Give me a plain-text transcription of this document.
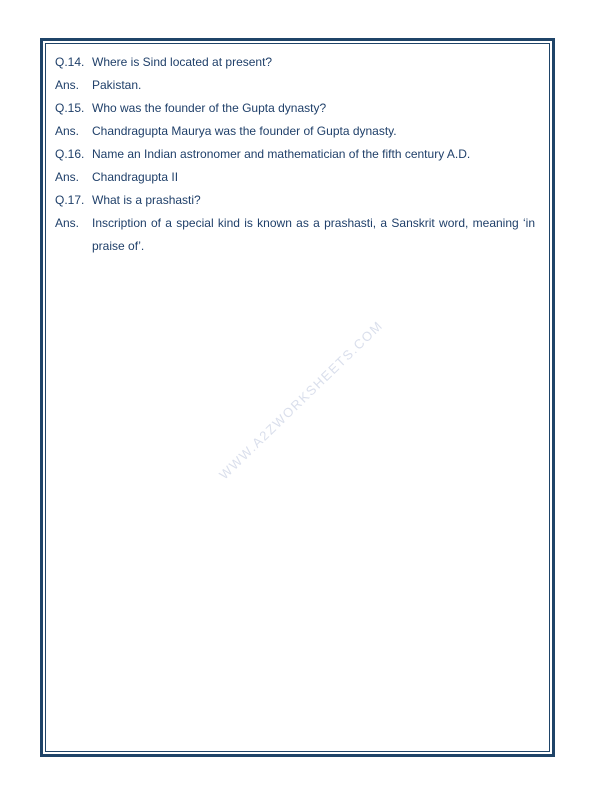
Q.14. Where is Sind located at present?
Ans.	Pakistan.
Q.15. Who was the founder of the Gupta dynasty?
Ans.	Chandragupta Maurya was the founder of Gupta dynasty.
Q.16. Name an Indian astronomer and mathematician of the fifth century A.D.
Ans.	Chandragupta II
Q.17. What is a prashasti?
Ans.	Inscription of a special kind is known as a prashasti, a Sanskrit word, meaning ‘in praise of’.
WWW.A2ZWORKSHEETS.COM
